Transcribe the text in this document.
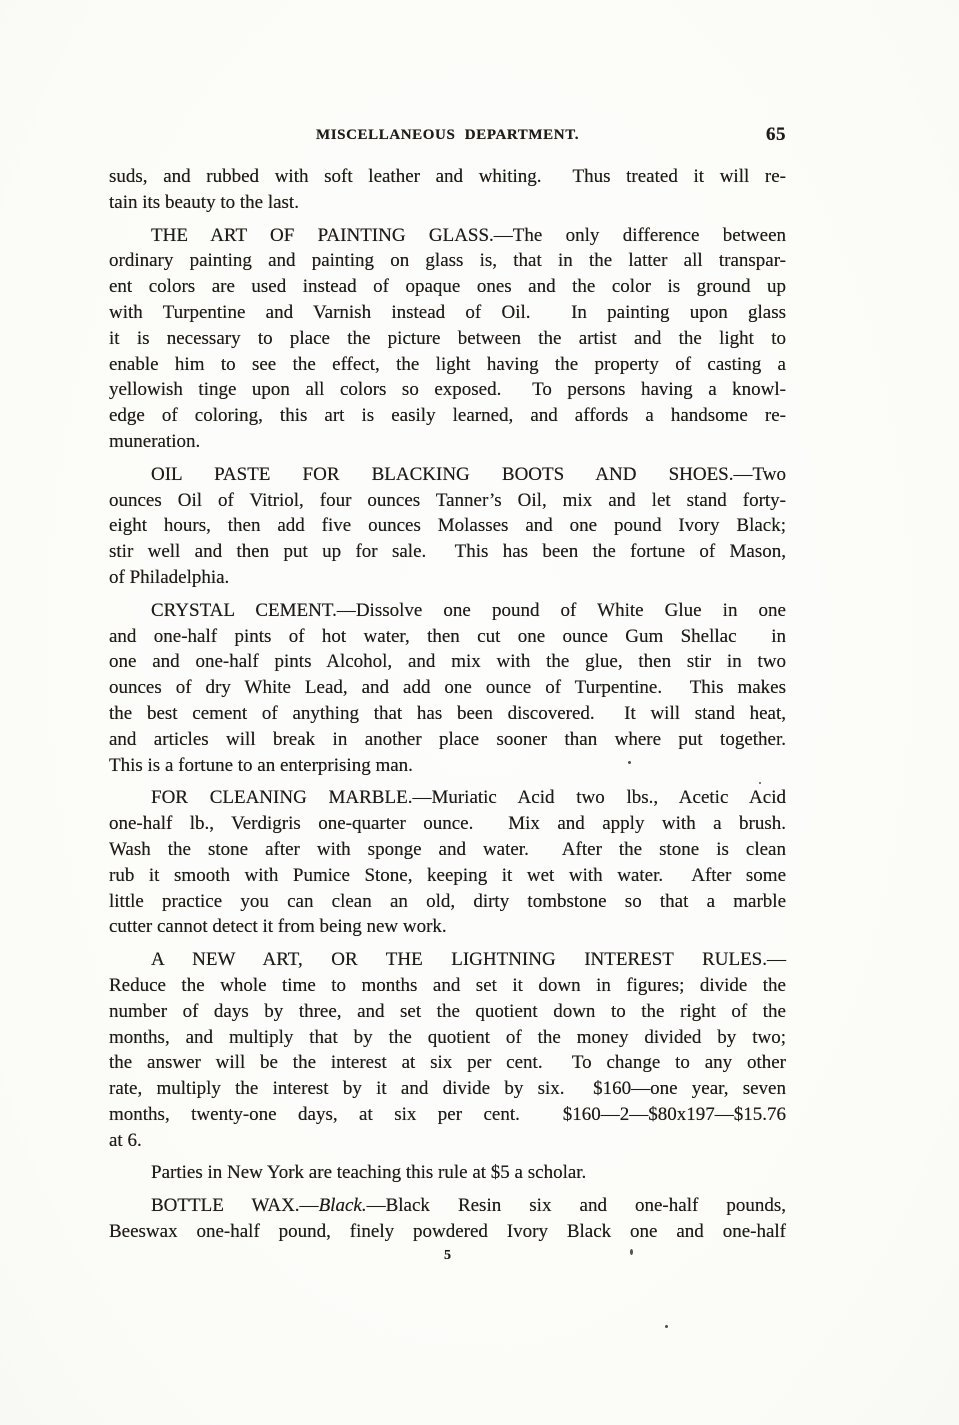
MISCELLANEOUS DEPARTMENT.	65
suds, and rubbed with soft leather and whiting.  Thus treated it will re-
tain its beauty to the last.
THE ART OF PAINTING GLASS.—The only difference between
ordinary painting and painting on glass is, that in the latter all transpar-
ent colors are used instead of opaque ones and the color is ground up
with Turpentine and Varnish instead of Oil.  In painting upon glass
it is necessary to place the picture between the artist and the light to
enable him to see the effect, the light having the property of casting a
yellowish tinge upon all colors so exposed.  To persons having a knowl-
edge of coloring, this art is easily learned, and affords a handsome re-
muneration.
OIL PASTE FOR BLACKING BOOTS AND SHOES.—Two
ounces Oil of Vitriol, four ounces Tanner’s Oil, mix and let stand forty-
eight hours, then add five ounces Molasses and one pound Ivory Black;
stir well and then put up for sale.  This has been the fortune of Mason,
of Philadelphia.
CRYSTAL CEMENT.—Dissolve one pound of White Glue in one
and one-half pints of hot water, then cut one ounce Gum Shellac  in
one and one-half pints Alcohol, and mix with the glue, then stir in two
ounces of dry White Lead, and add one ounce of Turpentine.  This makes
the best cement of anything that has been discovered.  It will stand heat,
and articles will break in another place sooner than where put together.
This is a fortune to an enterprising man.
FOR CLEANING MARBLE.—Muriatic Acid two lbs., Acetic Acid
one-half lb., Verdigris one-quarter ounce.  Mix and apply with a brush.
Wash the stone after with sponge and water.  After the stone is clean
rub it smooth with Pumice Stone, keeping it wet with water.  After some
little practice you can clean an old, dirty tombstone so that a marble
cutter cannot detect it from being new work.
A NEW ART, OR THE LIGHTNING INTEREST RULES.—
Reduce the whole time to months and set it down in figures; divide the
number of days by three, and set the quotient down to the right of the
months, and multiply that by the quotient of the money divided by two;
the answer will be the interest at six per cent.  To change to any other
rate, multiply the interest by it and divide by six.  $160—one year, seven
months, twenty-one days, at six per cent.  $160—2—$80x197—$15.76
at 6.
Parties in New York are teaching this rule at $5 a scholar.
BOTTLE WAX.—Black.—Black Resin six and one-half pounds,
Beeswax one-half pound, finely powdered Ivory Black one and one-half
5
